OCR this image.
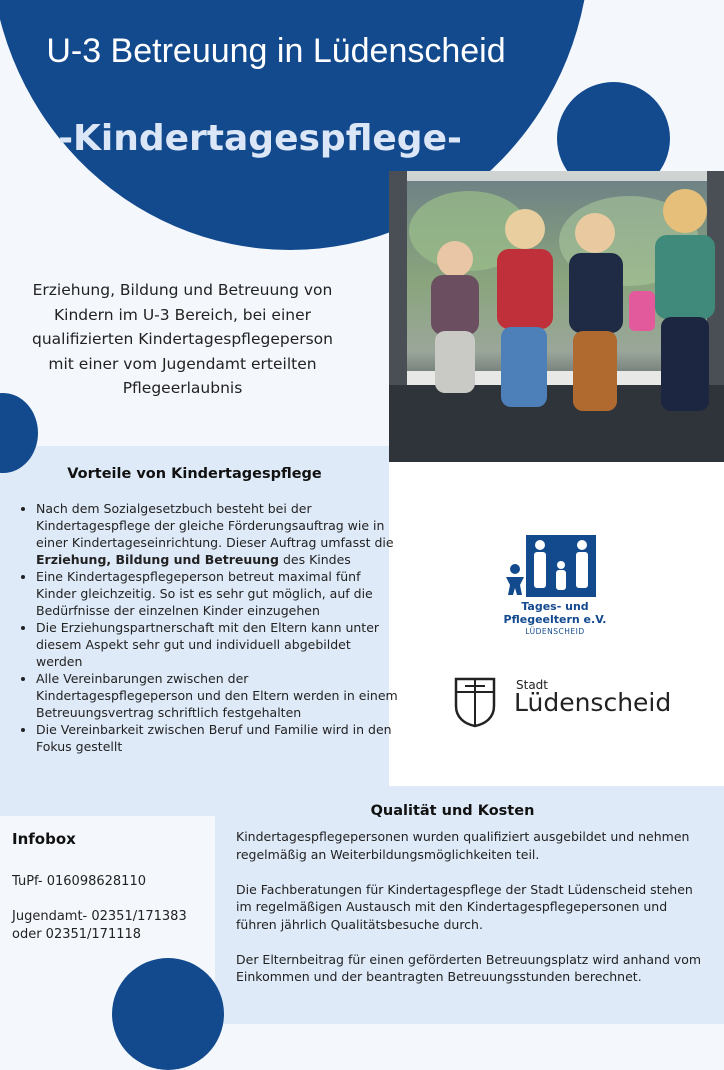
U-3 Betreuung in Lüdenscheid
-Kindertagespflege-
Erziehung, Bildung und Betreuung von Kindern im U-3 Bereich, bei einer qualifizierten Kindertagespflegeperson mit einer vom Jugendamt erteilten Pflegeerlaubnis
Vorteile von Kindertagespflege
• Nach dem Sozialgesetzbuch besteht bei der Kindertagespflege der gleiche Förderungsauftrag wie in einer Kindertageseinrichtung. Dieser Auftrag umfasst die Erziehung, Bildung und Betreuung des Kindes
• Eine Kindertagespflegeperson betreut maximal fünf Kinder gleichzeitig. So ist es sehr gut möglich, auf die Bedürfnisse der einzelnen Kinder einzugehen
• Die Erziehungspartnerschaft mit den Eltern kann unter diesem Aspekt sehr gut und individuell abgebildet werden
• Alle Vereinbarungen zwischen der Kindertagespflegeperson und den Eltern werden in einem Betreuungsvertrag schriftlich festgehalten
• Die Vereinbarkeit zwischen Beruf und Familie wird in den Fokus gestellt
Qualität und Kosten

Kindertagespflegepersonen wurden qualifiziert ausgebildet und nehmen regelmäßig an Weiterbildungsmöglichkeiten teil.

Die Fachberatungen für Kindertagespflege der Stadt Lüdenscheid stehen im regelmäßigen Austausch mit den Kindertagespflegepersonen und führen jährlich Qualitätsbesuche durch.

Der Elternbeitrag für einen geförderten Betreuungsplatz wird anhand vom Einkommen und der beantragten Betreuungsstunden berechnet.

Infobox
TuPf- 016098628110
Jugendamt- 02351/171383
oder 02351/171118
Tages- und
Pflegeeltern e.V.
LÜDENSCHEID
Stadt
Lüdenscheid
